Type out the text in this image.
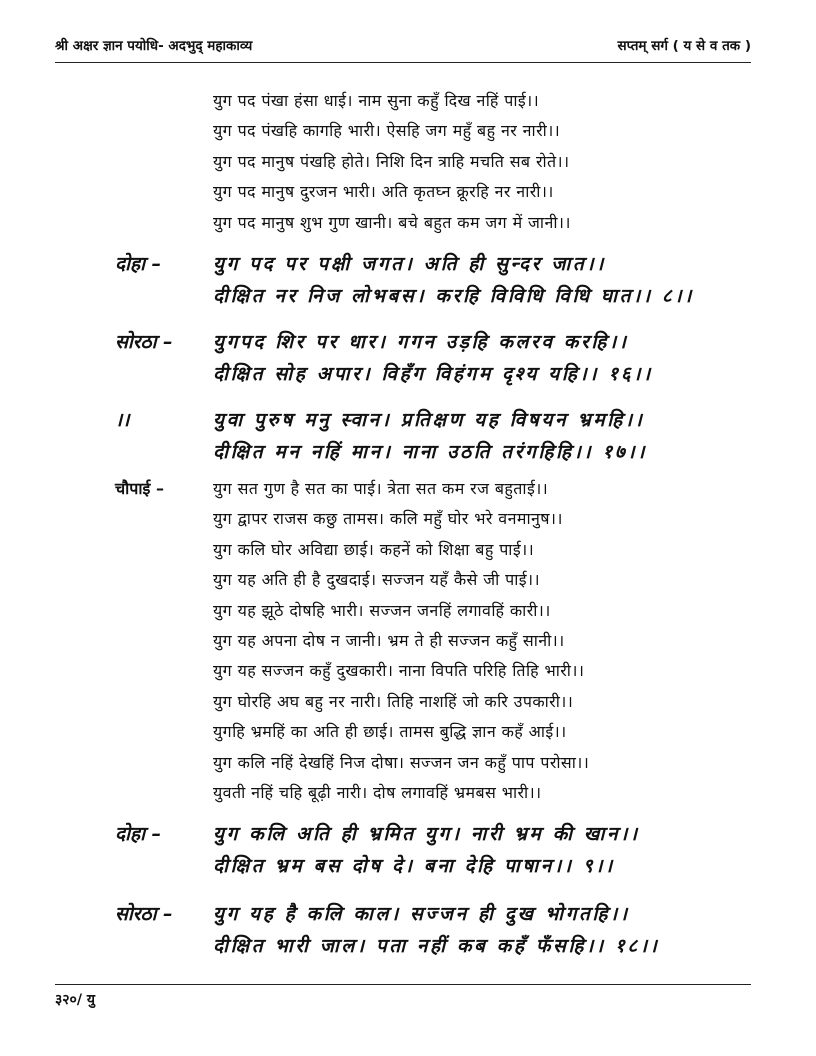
श्री अक्षर ज्ञान पयोधि- अदभुद् महाकाव्य	सप्तम् सर्ग ( य से व तक )
युग पद पंखा हंसा धाई। नाम सुना कहुँ दिख नहिं पाई।।
युग पद पंखहि कागहि भारी। ऐसहि जग महुँ बहु नर नारी।।
युग पद मानुष पंखहि होते। निशि दिन त्राहि मचति सब रोते।।
युग पद मानुष दुरजन भारी। अति कृतघ्न क्रूरहि नर नारी।।
युग पद मानुष शुभ गुण खानी। बचे बहुत कम जग में जानी।।
दोहा –	युग पद पर पक्षी जगत। अति ही सुन्दर जात।।
दीक्षित नर निज लोभबस। करहि विविधि विधि घात।। ८।।
सोरठा – युगपद शिर पर धार। गगन उड़हि कलरव करहि।।
दीक्षित सोह अपार। विहँग विहंगम दृश्य यहि।। १६।।
।।	युवा पुरुष मनु स्वान। प्रतिक्षण यह विषयन भ्रमहि।।
दीक्षित मन नहिं मान। नाना उठति तरंगहिहि।। १७।।
चौपाई –	युग सत गुण है सत का पाई। त्रेता सत कम रज बहुताई।।
युग द्वापर राजस कछु तामस। कलि महुँ घोर भरे वनमानुष।।
युग कलि घोर अविद्या छाई। कहनें को शिक्षा बहु पाई।।
युग यह अति ही है दुखदाई। सज्जन यहँ कैसे जी पाई।।
युग यह झूठे दोषहि भारी। सज्जन जनहिं लगावहिं कारी।।
युग यह अपना दोष न जानी। भ्रम ते ही सज्जन कहुँ सानी।।
युग यह सज्जन कहुँ दुखकारी। नाना विपति परिहि तिहि भारी।।
युग घोरहि अघ बहु नर नारी। तिहि नाशहिं जो करि उपकारी।।
युगहि भ्रमहिं का अति ही छाई। तामस बुद्धि ज्ञान कहँ आई।।
युग कलि नहिं देखहिं निज दोषा। सज्जन जन कहुँ पाप परोसा।।
युवती नहिं चहि बूढ़ी नारी। दोष लगावहिं भ्रमबस भारी।।
दोहा –	युग कलि अति ही भ्रमित युग। नारी भ्रम की खान।।
दीक्षित भ्रम बस दोष दे। बना देहि पाषान।। ९।।
सोरठा – युग यह है कलि काल। सज्जन ही दुख भोगतहि।।
दीक्षित भारी जाल। पता नहीं कब कहँ फँसहि।। १८।।
३२०/ यु
